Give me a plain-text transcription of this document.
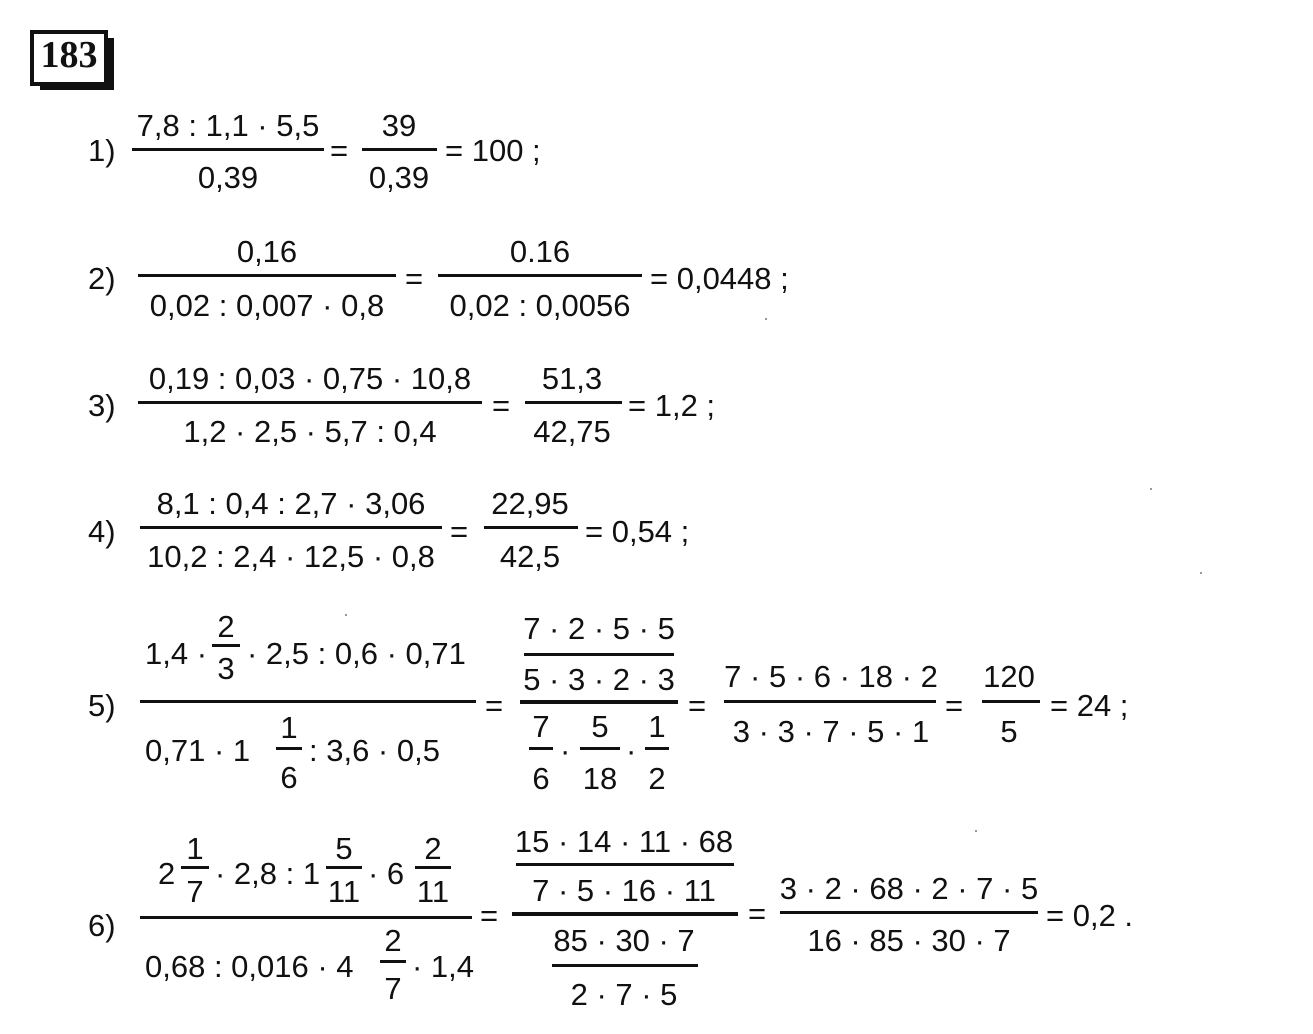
183
1)
7,8 : 1,1 · 5,5
0,39
=
39
0,39
= 100 ;
2)
0,16
0,02 : 0,007 · 0,8
=
0.16
0,02 : 0,0056
= 0,0448 ;
3)
0,19 : 0,03 · 0,75 · 10,8
1,2 · 2,5 · 5,7 : 0,4
=
51,3
42,75
= 1,2 ;
4)
8,1 : 0,4 : 2,7 · 3,06
10,2 : 2,4 · 12,5 · 0,8
=
22,95
42,5
= 0,54 ;
5)
1,4 ·
2
3 · 2,5 : 0,6 · 0,71
0,71 · 1
1
6
: 3,6 · 0,5
=
7 · 2 · 5 · 5
5 · 3 · 2 · 3
7
6
·
5
18
·
1
2
=
7 · 5 · 6 · 18 · 2
3 · 3 · 7 · 5 · 1
=
120
5
= 24 ;
6)
2
1
7
· 2,8 : 1
5
11
· 6
2
11
0,68 : 0,016 · 4
2
7
· 1,4
=
15 · 14 · 11 · 68
7 · 5 · 16 · 11
85 · 30 · 7
2 · 7 · 5
=
3 · 2 · 68 · 2 · 7 · 5
16 · 85 · 30 · 7
= 0,2 .
